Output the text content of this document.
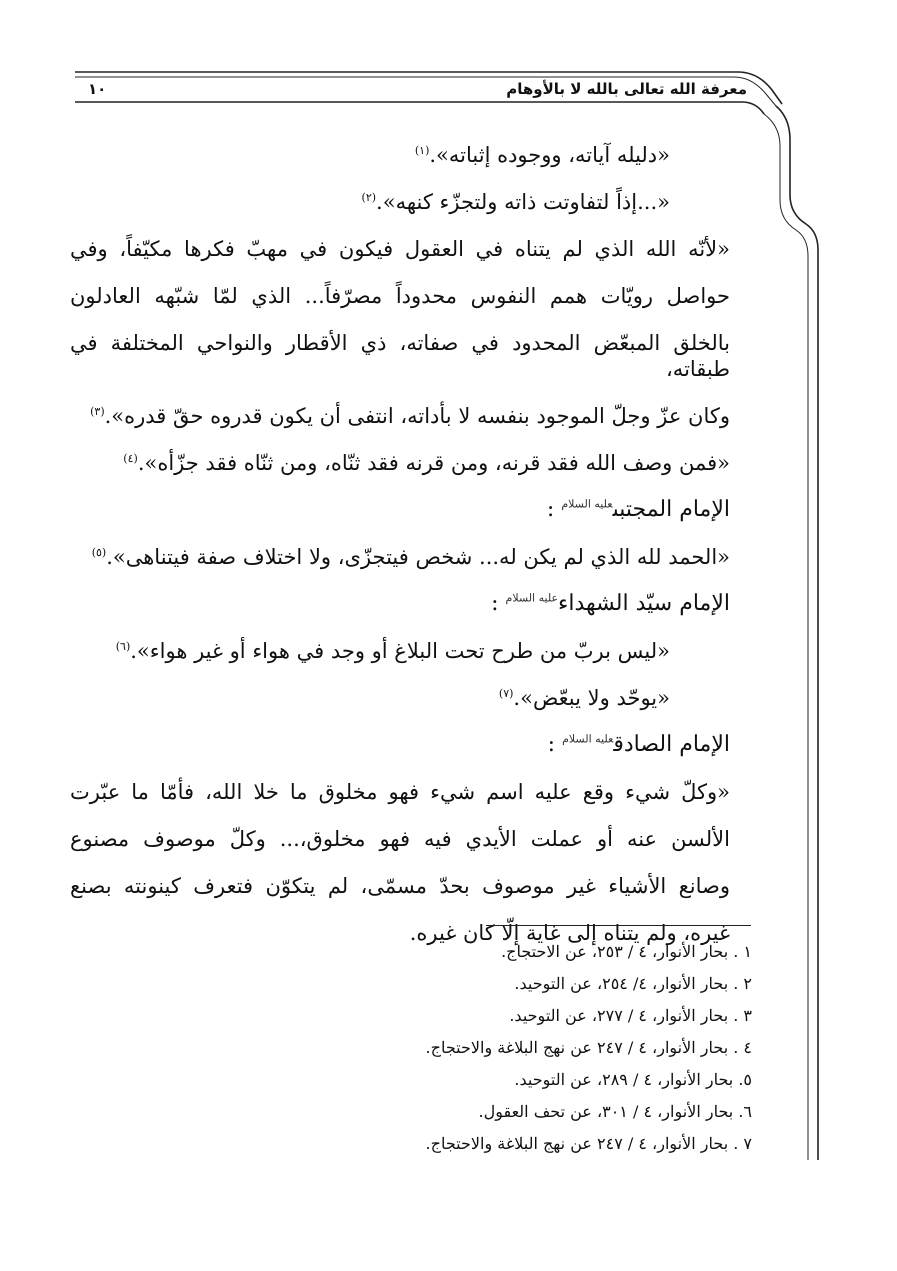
معرفة الله تعالى بالله لا بالأوهام
١٠

«دليله آياته، ووجوده إثباته».$^{(١)}$

«...إذاً لتفاوتت ذاته ولتجزّء كنهه».$^{(٢)}$

«لأنّه الله الذي لم يتناه في العقول فيكون في مهبّ فكرها مكيّفاً، وفي

حواصل رويّات همم النفوس محدوداً مصرّفاً... الذي لمّا شبّهه العادلون

بالخلق المبعّض المحدود في صفاته، ذي الأقطار والنواحي المختلفة في طبقاته،

وكان عزّ وجلّ الموجود بنفسه لا بأداته، انتفى أن يكون قدروه حقّ قدره».$^{(٣)}$

«فمن وصف الله فقد قرنه، ومن قرنه فقد ثنّاه، ومن ثنّاه فقد جزّأه».$^{(٤)}$

الإمام المجتبى$^{عليه السلام}$ :

«الحمد لله الذي لم يكن له... شخص فيتجزّى، ولا اختلاف صفة فيتناهى».$^{(٥)}$

الإمام سيّد الشهداء$^{عليه السلام}$ :

«ليس بربّ من طرح تحت البلاغ أو وجد في هواء أو غير هواء».$^{(٦)}$

«يوحّد ولا يبعّض».$^{(٧)}$

الإمام الصادق$^{عليه السلام}$ :

«وكلّ شيء وقع عليه اسم شيء فهو مخلوق ما خلا الله، فأمّا ما عبّرت

الألسن عنه أو عملت الأيدي فيه فهو مخلوق،... وكلّ موصوف مصنوع

وصانع الأشياء غير موصوف بحدّ مسمّى، لم يتكوّن فتعرف كينونته بصنع

غيره، ولم يتناه إلى غاية إلّا كان غيره.

١ . بحار الأنوار، ٤ / ٢٥٣، عن الاحتجاج.

٢ . بحار الأنوار، ٤/ ٢٥٤، عن التوحيد.

٣ . بحار الأنوار، ٤ / ٢٧٧، عن التوحيد.

٤ . بحار الأنوار، ٤ / ٢٤٧ عن نهج البلاغة والاحتجاج.

٥. بحار الأنوار، ٤ / ٢٨٩، عن التوحيد.

٦. بحار الأنوار، ٤ / ٣٠١، عن تحف العقول.

٧ . بحار الأنوار، ٤ / ٢٤٧ عن نهج البلاغة والاحتجاج.
